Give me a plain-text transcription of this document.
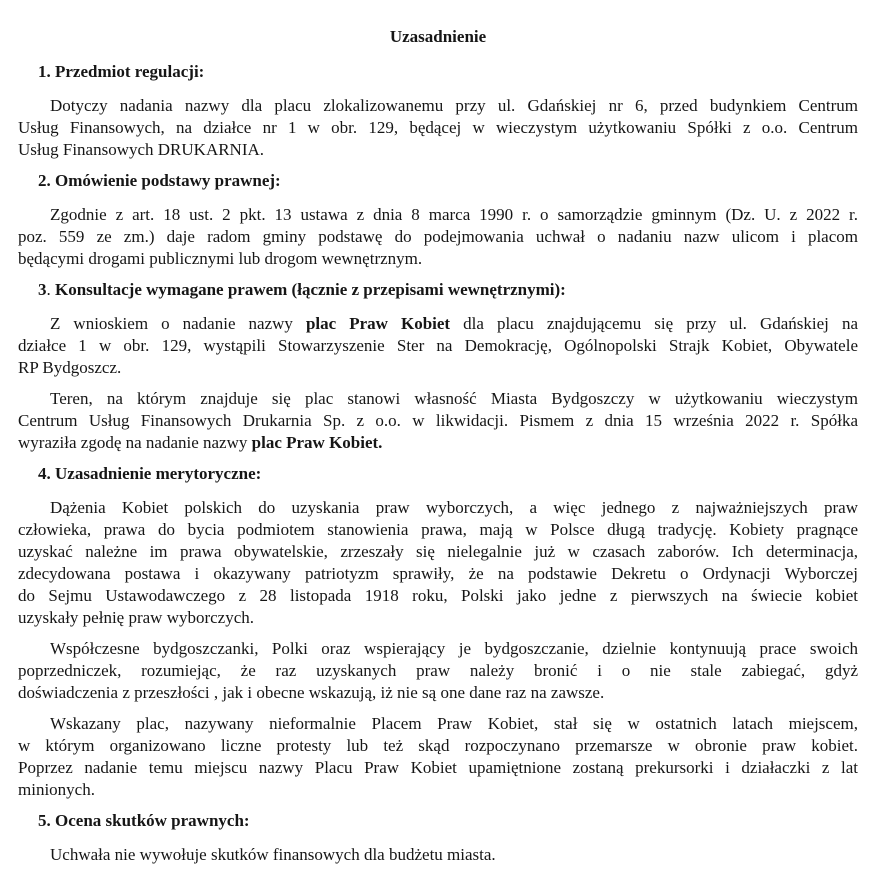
Uzasadnienie
1. Przedmiot regulacji:
Dotyczy nadania nazwy dla placu zlokalizowanemu przy ul. Gdańskiej nr 6, przed budynkiem Centrum
Usług Finansowych, na działce nr 1 w obr. 129, będącej w wieczystym użytkowaniu Spółki z o.o. Centrum
Usług Finansowych DRUKARNIA.
2. Omówienie podstawy prawnej:
Zgodnie z art. 18 ust. 2 pkt. 13 ustawa z dnia 8 marca 1990 r. o samorządzie gminnym (Dz. U. z 2022 r.
poz. 559 ze zm.) daje radom gminy podstawę do podejmowania uchwał o nadaniu nazw ulicom i placom
będącymi drogami publicznymi lub drogom wewnętrznym.
3. Konsultacje wymagane prawem (łącznie z przepisami wewnętrznymi):
Z wnioskiem o nadanie nazwy plac Praw Kobiet dla placu znajdującemu się przy ul. Gdańskiej na
działce 1 w obr. 129, wystąpili Stowarzyszenie Ster na Demokrację, Ogólnopolski Strajk Kobiet, Obywatele
RP Bydgoszcz.
Teren, na którym znajduje się plac stanowi własność Miasta Bydgoszczy w użytkowaniu wieczystym
Centrum Usług Finansowych Drukarnia Sp. z o.o. w likwidacji. Pismem z dnia 15 września 2022 r. Spółka
wyraziła zgodę na nadanie nazwy plac Praw Kobiet.
4. Uzasadnienie merytoryczne:
Dążenia Kobiet polskich do uzyskania praw wyborczych, a więc jednego z najważniejszych praw
człowieka, prawa do bycia podmiotem stanowienia prawa, mają w Polsce długą tradycję. Kobiety pragnące
uzyskać należne im prawa obywatelskie, zrzeszały się nielegalnie już w czasach zaborów. Ich determinacja,
zdecydowana postawa i okazywany patriotyzm sprawiły, że na podstawie Dekretu o Ordynacji Wyborczej
do Sejmu Ustawodawczego z 28 listopada 1918 roku, Polski jako jedne z pierwszych na świecie kobiet
uzyskały pełnię praw wyborczych.
Współczesne bydgoszczanki, Polki oraz wspierający je bydgoszczanie, dzielnie kontynuują prace swoich
poprzedniczek, rozumiejąc, że raz uzyskanych praw należy bronić i o nie stale zabiegać, gdyż
doświadczenia z przeszłości , jak i obecne wskazują, iż nie są one dane raz na zawsze.
Wskazany plac, nazywany nieformalnie Placem Praw Kobiet, stał się w ostatnich latach miejscem,
w którym organizowano liczne protesty lub też skąd rozpoczynano przemarsze w obronie praw kobiet.
Poprzez nadanie temu miejscu nazwy Placu Praw Kobiet upamiętnione zostaną prekursorki i działaczki z lat
minionych.
5. Ocena skutków prawnych:
Uchwała nie wywołuje skutków finansowych dla budżetu miasta.
